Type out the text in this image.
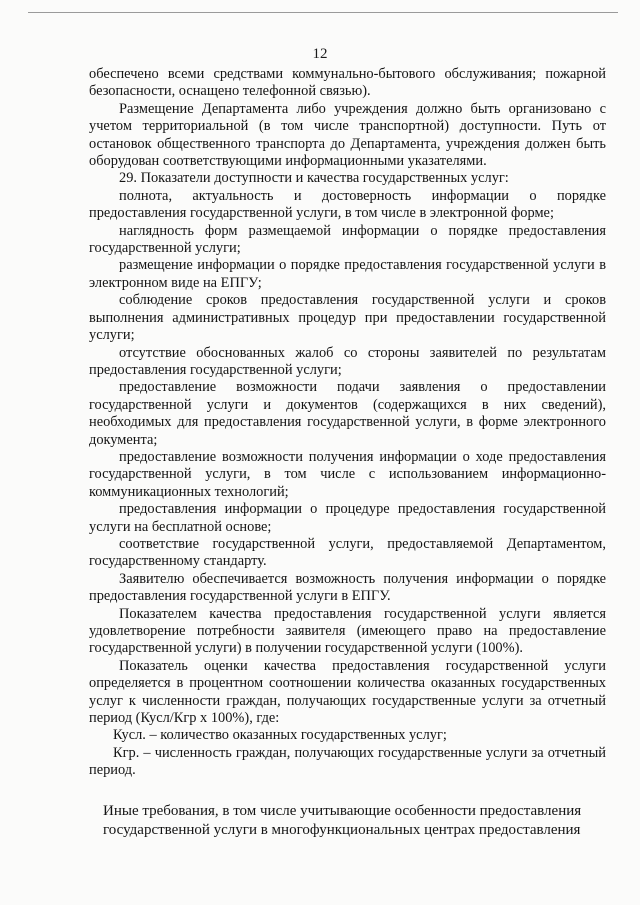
12

обеспечено всеми средствами коммунально-бытового обслуживания; пожарной безопасности, оснащено телефонной связью).

Размещение Департамента либо учреждения должно быть организовано с учетом территориальной (в том числе транспортной) доступности. Путь от остановок общественного транспорта до Департамента, учреждения должен быть оборудован соответствующими информационными указателями.

29. Показатели доступности и качества государственных услуг:

полнота, актуальность и достоверность информации о порядке предоставления государственной услуги, в том числе в электронной форме;

наглядность форм размещаемой информации о порядке предоставления государственной услуги;

размещение информации о порядке предоставления государственной услуги в электронном виде на ЕПГУ;

соблюдение сроков предоставления государственной услуги и сроков выполнения административных процедур при предоставлении государственной услуги;

отсутствие обоснованных жалоб со стороны заявителей по результатам предоставления государственной услуги;

предоставление возможности подачи заявления о предоставлении государственной услуги и документов (содержащихся в них сведений), необходимых для предоставления государственной услуги, в форме электронного документа;

предоставление возможности получения информации о ходе предоставления государственной услуги, в том числе с использованием информационно-коммуникационных технологий;

предоставления информации о процедуре предоставления государственной услуги на бесплатной основе;

соответствие государственной услуги, предоставляемой Департаментом, государственному стандарту.

Заявителю обеспечивается возможность получения информации о порядке предоставления государственной услуги в ЕПГУ.

Показателем качества предоставления государственной услуги является удовлетворение потребности заявителя (имеющего право на предоставление государственной услуги) в получении государственной услуги (100%).

Показатель оценки качества предоставления государственной услуги определяется в процентном соотношении количества оказанных государственных услуг к численности граждан, получающих государственные услуги за отчетный период (Кусл/Кгр х 100%), где:

Кусл. – количество оказанных государственных услуг;

Кгр. – численность граждан, получающих государственные услуги за отчетный период.

Иные требования, в том числе учитывающие особенности предоставления

государственной услуги в многофункциональных центрах предоставления
